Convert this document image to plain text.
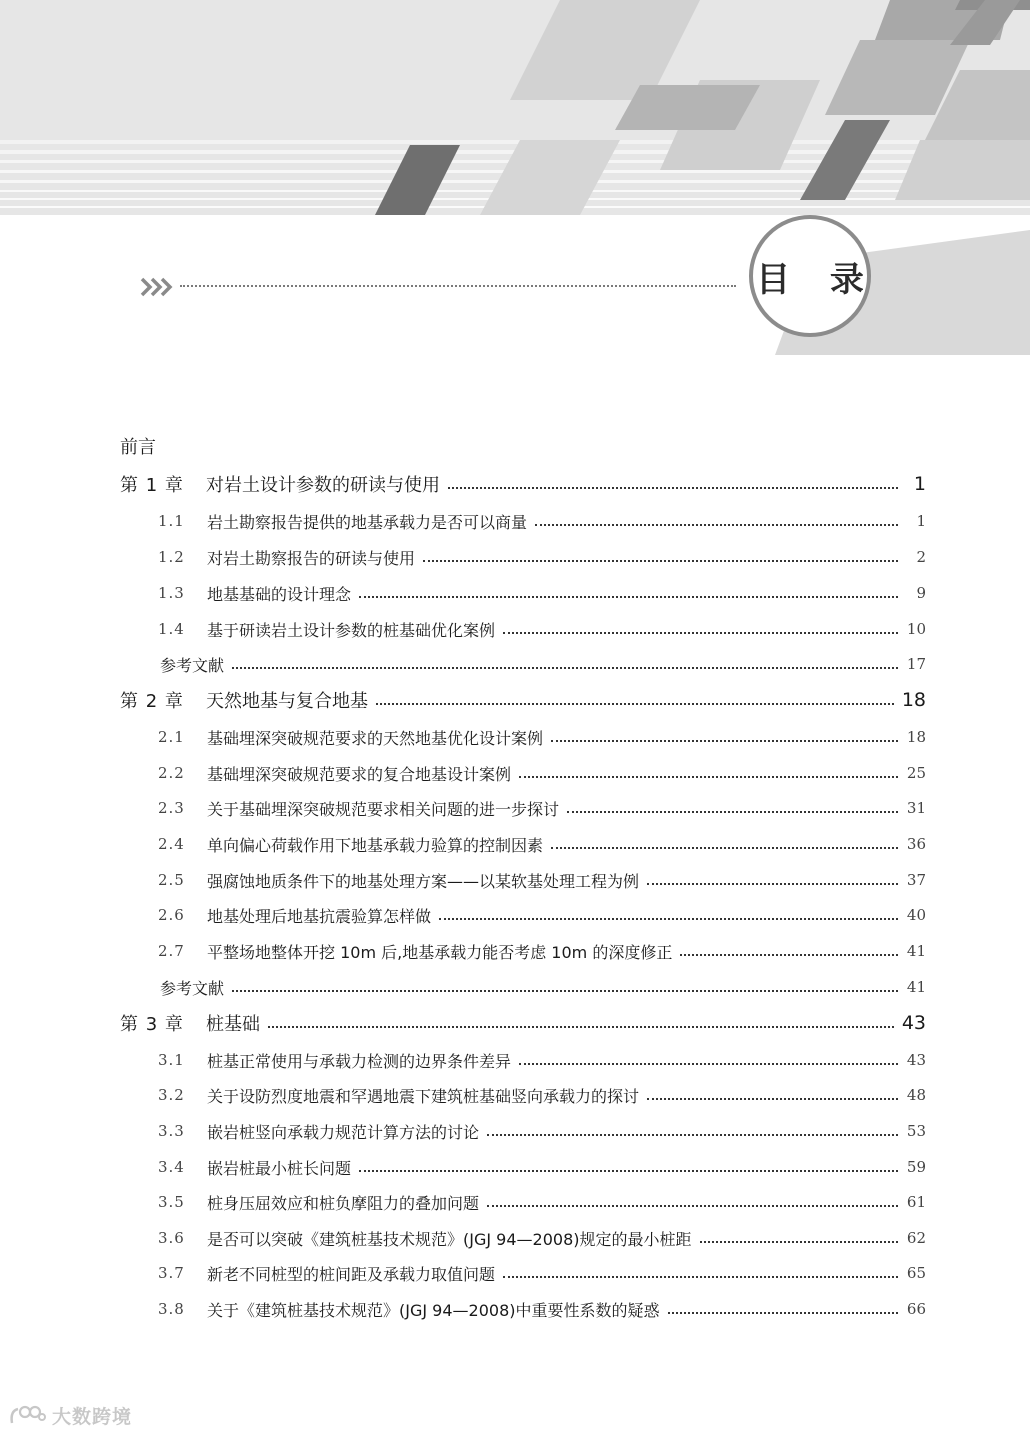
目 录
前言
第 1 章	对岩土设计参数的研读与使用	1
1.1	岩土勘察报告提供的地基承载力是否可以商量	1
1.2	对岩土勘察报告的研读与使用	2
1.3	地基基础的设计理念	9
1.4	基于研读岩土设计参数的桩基础优化案例	10
参考文献	17
第 2 章	天然地基与复合地基	18
2.1	基础埋深突破规范要求的天然地基优化设计案例	18
2.2	基础埋深突破规范要求的复合地基设计案例	25
2.3	关于基础埋深突破规范要求相关问题的进一步探讨	31
2.4	单向偏心荷载作用下地基承载力验算的控制因素	36
2.5	强腐蚀地质条件下的地基处理方案——以某软基处理工程为例	37
2.6	地基处理后地基抗震验算怎样做	40
2.7	平整场地整体开挖 10m 后,地基承载力能否考虑 10m 的深度修正	41
参考文献	41
第 3 章	桩基础	43
3.1	桩基正常使用与承载力检测的边界条件差异	43
3.2	关于设防烈度地震和罕遇地震下建筑桩基础竖向承载力的探讨	48
3.3	嵌岩桩竖向承载力规范计算方法的讨论	53
3.4	嵌岩桩最小桩长问题	59
3.5	桩身压屈效应和桩负摩阻力的叠加问题	61
3.6	是否可以突破《建筑桩基技术规范》(JGJ 94—2008)规定的最小桩距	62
3.7	新老不同桩型的桩间距及承载力取值问题	65
3.8	关于《建筑桩基技术规范》(JGJ 94—2008)中重要性系数的疑惑	66
大数跨境
